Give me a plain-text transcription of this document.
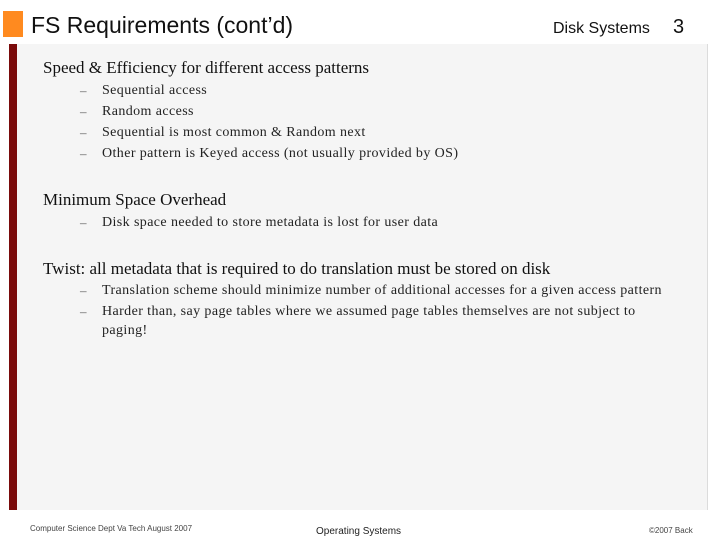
FS Requirements (cont’d)	Disk Systems 3
Speed & Efficiency for different access patterns
– Sequential access
– Random access
– Sequential is most common & Random next
– Other pattern is Keyed access (not usually provided by OS)
Minimum Space Overhead
– Disk space needed to store metadata is lost for user data
Twist: all metadata that is required to do translation must be stored on disk
– Translation scheme should minimize number of additional accesses for a given access pattern
– Harder than, say page tables where we assumed page tables themselves are not subject to paging!
Computer Science Dept Va Tech August 2007	Operating Systems	©2007 Back
